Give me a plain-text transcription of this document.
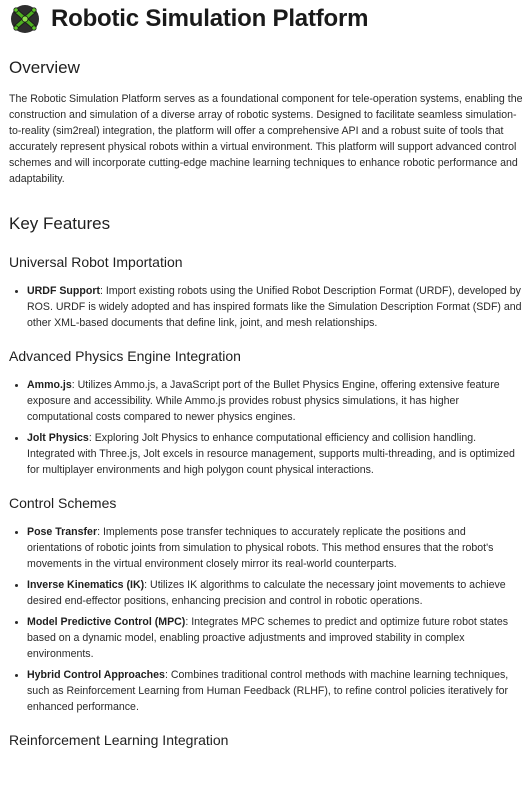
Robotic Simulation Platform
Overview

The Robotic Simulation Platform serves as a foundational component for tele-operation systems, enabling the construction and simulation of a diverse array of robotic systems. Designed to facilitate seamless simulation-to-reality (sim2real) integration, the platform will offer a comprehensive API and a robust suite of tools that accurately represent physical robots within a virtual environment. This platform will support advanced control schemes and will incorporate cutting-edge machine learning techniques to enhance robotic performance and adaptability.

Key Features
Universal Robot Importation
• URDF Support: Import existing robots using the Unified Robot Description Format (URDF), developed by ROS. URDF is widely adopted and has inspired formats like the Simulation Description Format (SDF) and other XML-based documents that define link, joint, and mesh relationships.
Advanced Physics Engine Integration
• Ammo.js: Utilizes Ammo.js, a JavaScript port of the Bullet Physics Engine, offering extensive feature exposure and accessibility. While Ammo.js provides robust physics simulations, it has higher computational costs compared to newer physics engines.
• Jolt Physics: Exploring Jolt Physics to enhance computational efficiency and collision handling. Integrated with Three.js, Jolt excels in resource management, supports multi-threading, and is optimized for multiplayer environments and high polygon count physical interactions.
Control Schemes
• Pose Transfer: Implements pose transfer techniques to accurately replicate the positions and orientations of robotic joints from simulation to physical robots. This method ensures that the robot's movements in the virtual environment closely mirror its real-world counterparts.
• Inverse Kinematics (IK): Utilizes IK algorithms to calculate the necessary joint movements to achieve desired end-effector positions, enhancing precision and control in robotic operations.
• Model Predictive Control (MPC): Integrates MPC schemes to predict and optimize future robot states based on a dynamic model, enabling proactive adjustments and improved stability in complex environments.
• Hybrid Control Approaches: Combines traditional control methods with machine learning techniques, such as Reinforcement Learning from Human Feedback (RLHF), to refine control policies iteratively for enhanced performance.
Reinforcement Learning Integration
